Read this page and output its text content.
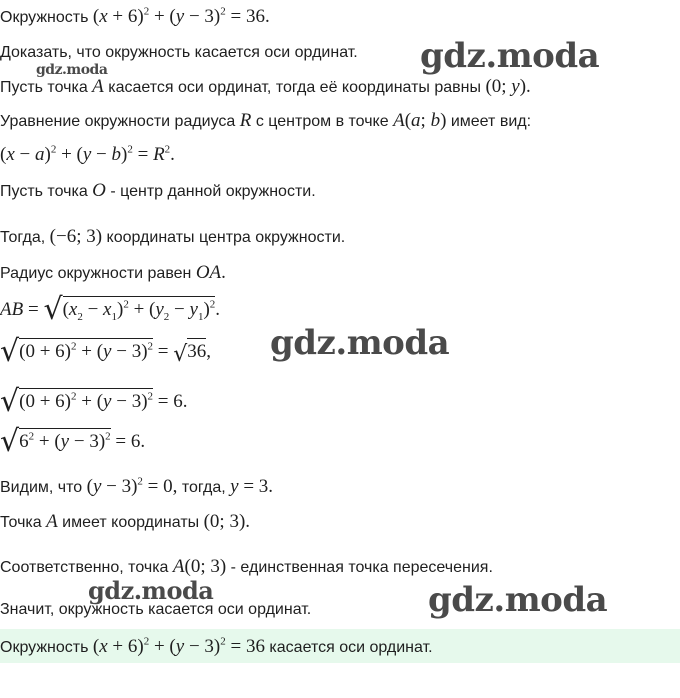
Окружность $(x + 6)^2 + (y - 3)^2 = 36$.
Доказать, что окружность касается оси ординат.
Пусть точка A касается оси ординат, тогда её координаты равны (0; y).
Уравнение окружности радиуса R с центром в точке A(a; b) имеет вид:
$(x - a)^2 + (y - b)^2 = R^2$.
Пусть точка O - центр данной окружности.
Тогда, (−6; 3) координаты центра окружности.
Радиус окружности равен OA.
AB = $√(x_2 - x_1)^2 + (y_2 - y_1)^2$.
$√(0 + 6)^2 + (y - 3)^2 = √36$,
$√(0 + 6)^2 + (y - 3)^2 = 6$.
$√6^2 + (y - 3)^2 = 6$.
Видим, что $(y - 3)^2 = 0$, тогда, y = 3.
Точка A имеет координаты (0; 3).
Соответственно, точка A(0; 3) - единственная точка пересечения.
Значит, окружность касается оси ординат.
Окружность $(x + 6)^2 + (y - 3)^2 = 36$ касается оси ординат.
gdz.moda
gdz.moda
gdz.moda
gdz.moda	gdz.moda
